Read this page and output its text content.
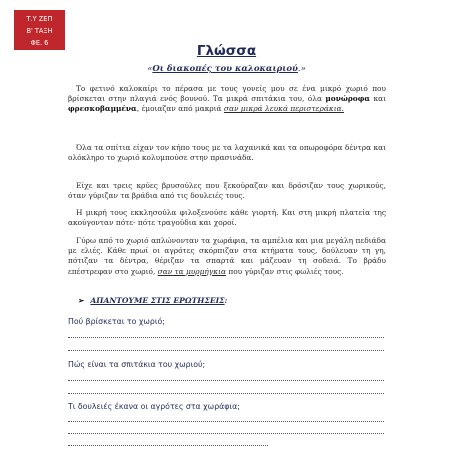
Τ.Υ ΖΕΠ
Β' ΤΑΞΗ
ΦΕ. 6	Γλώσσα
«Οι διακοπές του καλοκαιριού.»

Το φετινό καλοκαίρι το πέρασα με τους γονείς μου σε ένα μικρό χωριό που βρίσκεται στην πλαγιά ενός βουνού. Τα μικρά σπιτάκια του, όλα μονώροφα και φρεσκοβαμμένα, έμοιαζαν από μακριά σαν μικρά λευκά περιστεράκια.

Όλα τα σπίτια είχαν τον κήπο τους με τα λαχανικά και τα οπωροφόρα δέντρα και ολόκληρο το χωριό κολυμπούσε στην πρασινάδα.

Είχε και τρεις κρύες βρυσούλες που ξεκούραζαν και δρόσιζαν τους χωρικούς, όταν γύριζαν τα βράδια από τις δουλειές τους.

Η μικρή τους εκκλησούλα φιλοξενούσε κάθε γιορτή. Και στη μικρή πλατεία της ακούγονταν πότε- πότε τραγούδια και χοροί.

Γύρω από το χωριό απλώνονταν τα χωράφια, τα αμπέλια και μια μεγάλη πεδιάδα με ελιές. Κάθε πρωί οι αγρότες σκόρπιζαν στα κτήματα τους, δούλευαν τη γη, πότιζαν τα δέντρα, θέριζαν τα σπαρτά και μάζευαν τη σοδειά. Το βράδυ επέστρεφαν στο χωριό, σαν τα μυρμήγκια που γύριζαν στις φωλιές τους.

➢ ΑΠΑΝΤΟΥΜΕ ΣΤΙΣ ΕΡΩΤΗΣΕΙΣ:
Πού βρίσκεται το χωριό;
Πώς είναι τα σπιτάκια του χωριού;
Τι δουλειές έκανα οι αγρότες στα χωράφια;
